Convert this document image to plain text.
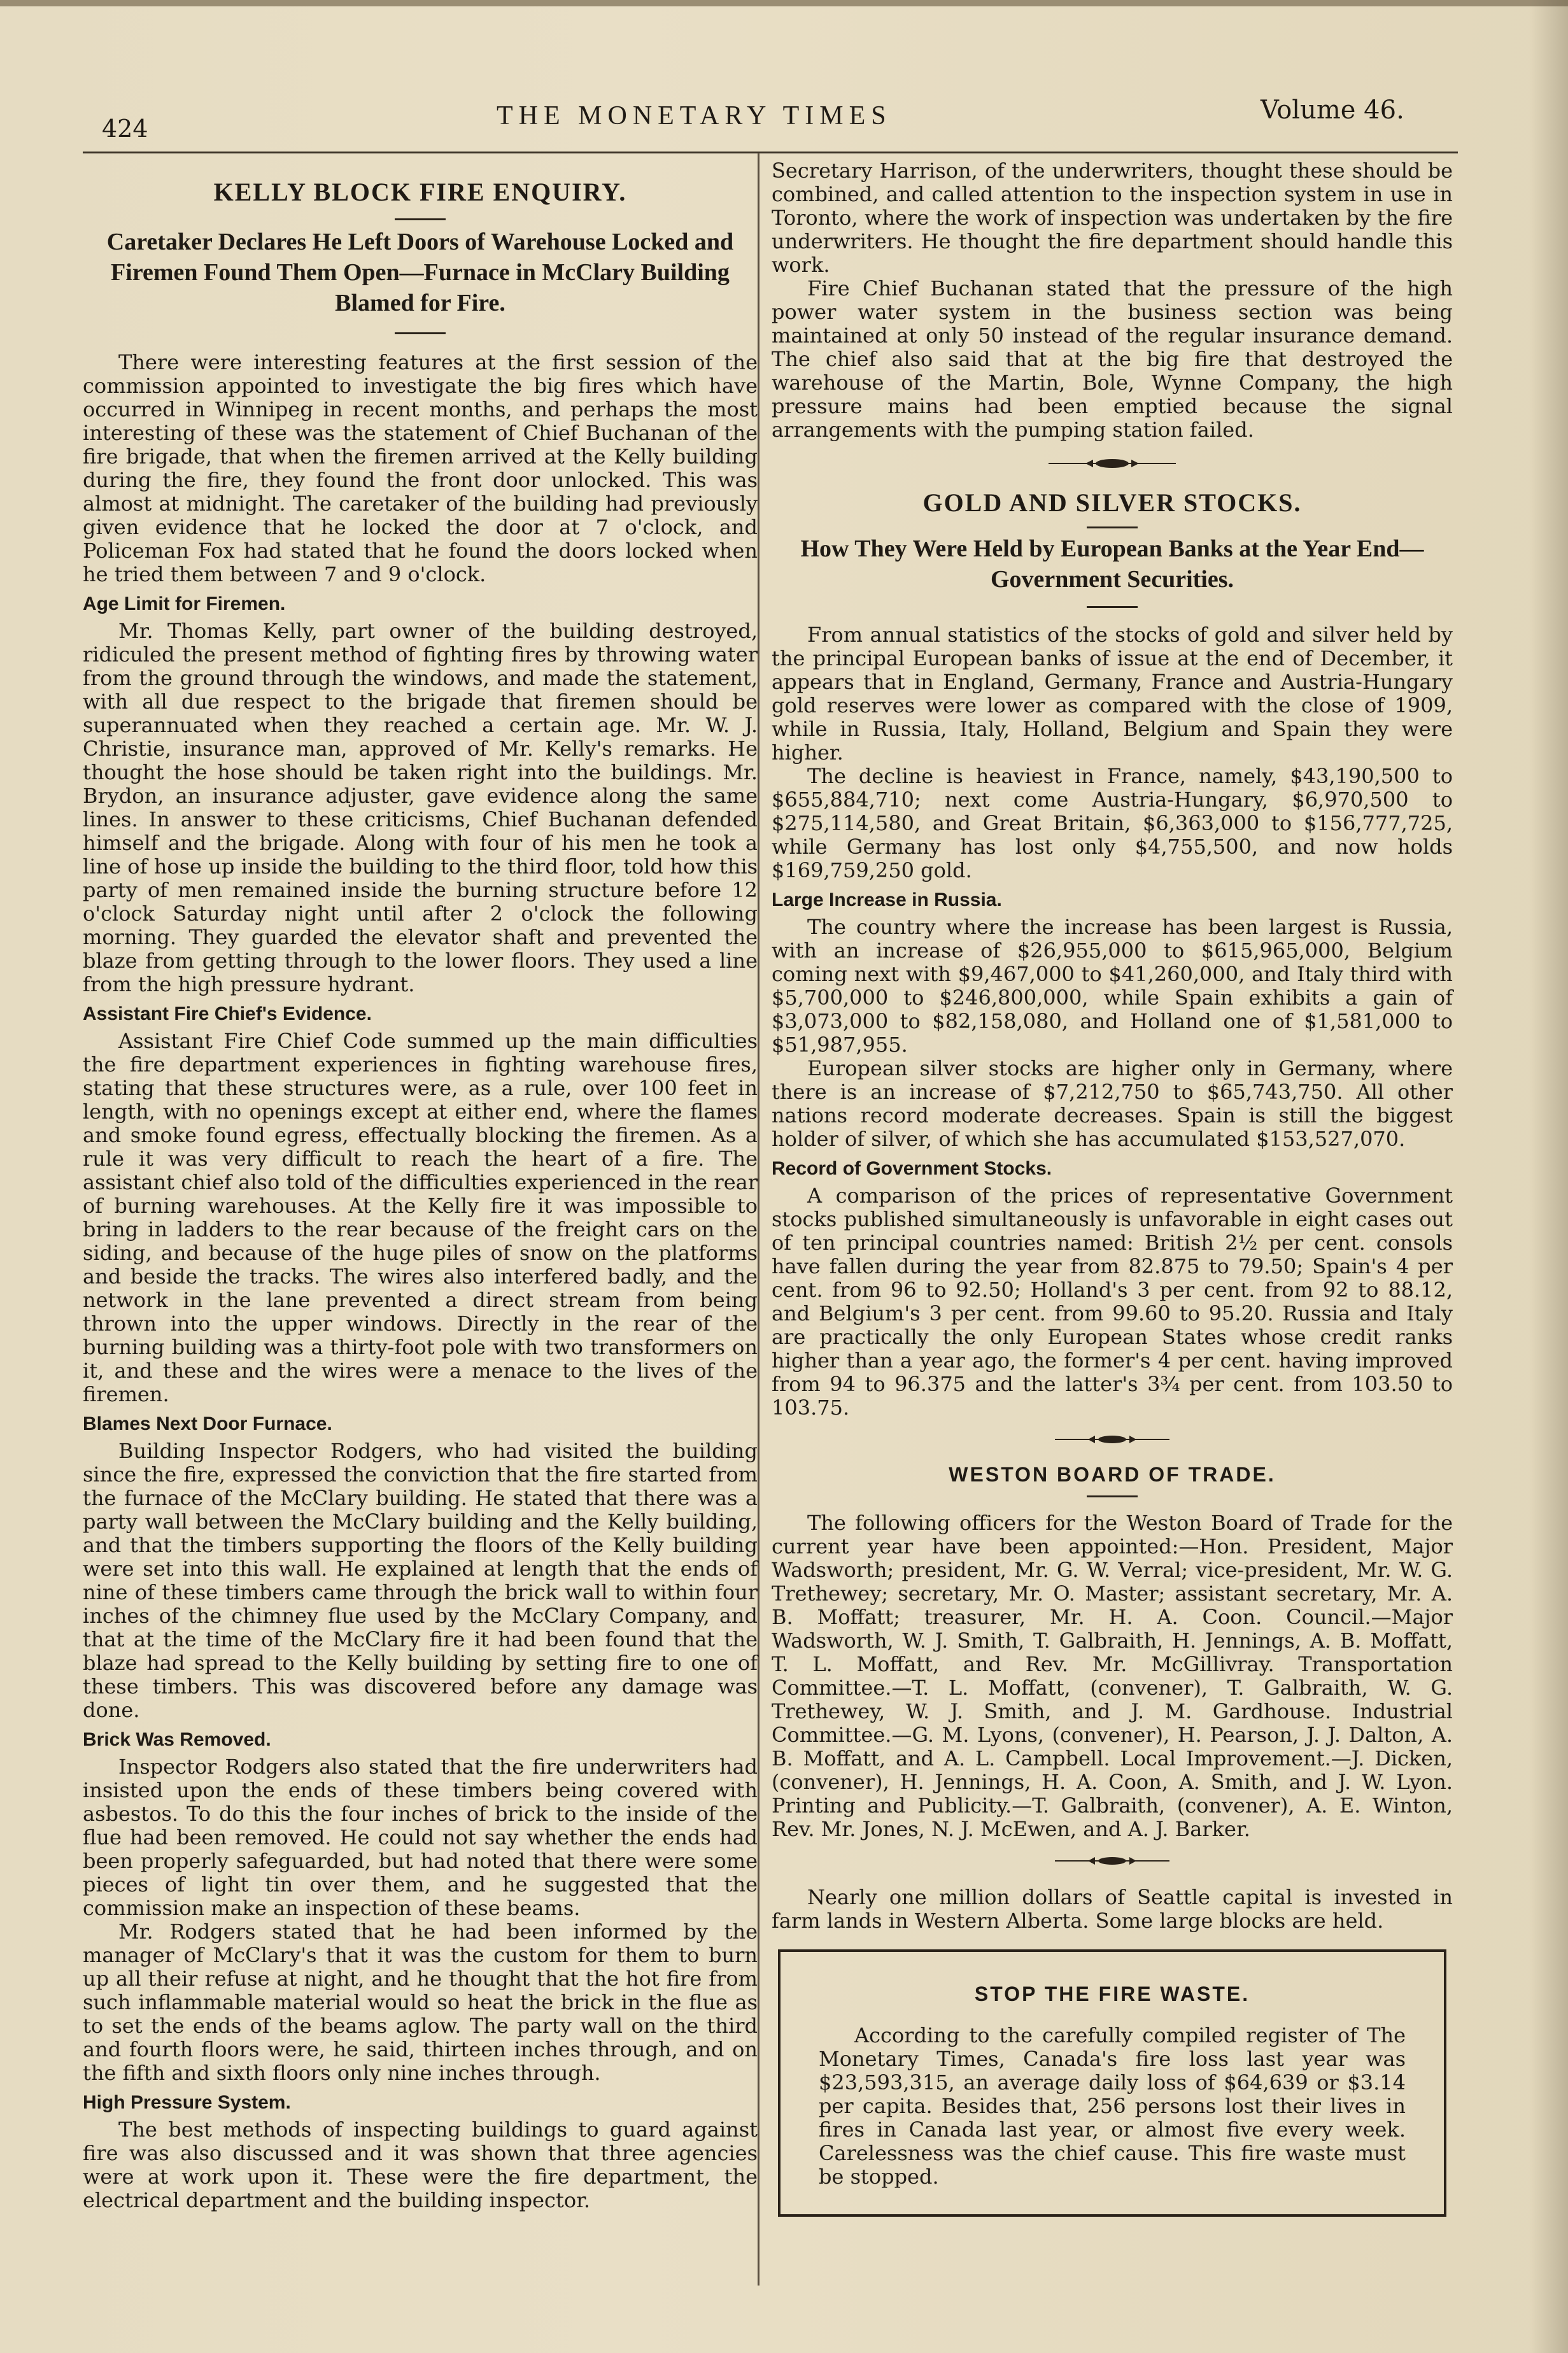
424	THE MONETARY TIMES	Volume 46.
KELLY BLOCK FIRE ENQUIRY.
Caretaker Declares He Left Doors of Warehouse Locked and Firemen Found Them Open—Furnace in McClary Building Blamed for Fire.

There were interesting features at the first session of the commission appointed to investigate the big fires which have occurred in Winnipeg in recent months, and perhaps the most interesting of these was the statement of Chief Buchanan of the fire brigade, that when the firemen arrived at the Kelly building during the fire, they found the front door unlocked. This was almost at midnight. The caretaker of the building had previously given evidence that he locked the door at 7 o'clock, and Policeman Fox had stated that he found the doors locked when he tried them between 7 and 9 o'clock.

Age Limit for Firemen.

Mr. Thomas Kelly, part owner of the building destroyed, ridiculed the present method of fighting fires by throwing water from the ground through the windows, and made the statement, with all due respect to the brigade that firemen should be superannuated when they reached a certain age. Mr. W. J. Christie, insurance man, approved of Mr. Kelly's remarks. He thought the hose should be taken right into the buildings. Mr. Brydon, an insurance adjuster, gave evidence along the same lines. In answer to these criticisms, Chief Buchanan defended himself and the brigade. Along with four of his men he took a line of hose up inside the building to the third floor, told how this party of men remained inside the burning structure before 12 o'clock Saturday night until after 2 o'clock the following morning. They guarded the elevator shaft and prevented the blaze from getting through to the lower floors. They used a line from the high pressure hydrant.

Assistant Fire Chief's Evidence.

Assistant Fire Chief Code summed up the main difficulties the fire department experiences in fighting warehouse fires, stating that these structures were, as a rule, over 100 feet in length, with no openings except at either end, where the flames and smoke found egress, effectually blocking the firemen. As a rule it was very difficult to reach the heart of a fire. The assistant chief also told of the difficulties experienced in the rear of burning warehouses. At the Kelly fire it was impossible to bring in ladders to the rear because of the freight cars on the siding, and because of the huge piles of snow on the platforms and beside the tracks. The wires also interfered badly, and the network in the lane prevented a direct stream from being thrown into the upper windows. Directly in the rear of the burning building was a thirty-foot pole with two transformers on it, and these and the wires were a menace to the lives of the firemen.

Blames Next Door Furnace.

Building Inspector Rodgers, who had visited the building since the fire, expressed the conviction that the fire started from the furnace of the McClary building. He stated that there was a party wall between the McClary building and the Kelly building, and that the timbers supporting the floors of the Kelly building were set into this wall. He explained at length that the ends of nine of these timbers came through the brick wall to within four inches of the chimney flue used by the McClary Company, and that at the time of the McClary fire it had been found that the blaze had spread to the Kelly building by setting fire to one of these timbers. This was discovered before any damage was done.

Brick Was Removed.

Inspector Rodgers also stated that the fire underwriters had insisted upon the ends of these timbers being covered with asbestos. To do this the four inches of brick to the inside of the flue had been removed. He could not say whether the ends had been properly safeguarded, but had noted that there were some pieces of light tin over them, and he suggested that the commission make an inspection of these beams.

Mr. Rodgers stated that he had been informed by the manager of McClary's that it was the custom for them to burn up all their refuse at night, and he thought that the hot fire from such inflammable material would so heat the brick in the flue as to set the ends of the beams aglow. The party wall on the third and fourth floors were, he said, thirteen inches through, and on the fifth and sixth floors only nine inches through.

High Pressure System.

The best methods of inspecting buildings to guard against fire was also discussed and it was shown that three agencies were at work upon it. These were the fire department, the electrical department and the building inspector.

Secretary Harrison, of the underwriters, thought these should be combined, and called attention to the inspection system in use in Toronto, where the work of inspection was undertaken by the fire underwriters. He thought the fire department should handle this work.

Fire Chief Buchanan stated that the pressure of the high power water system in the business section was being maintained at only 50 instead of the regular insurance demand. The chief also said that at the big fire that destroyed the warehouse of the Martin, Bole, Wynne Company, the high pressure mains had been emptied because the signal arrangements with the pumping station failed.

GOLD AND SILVER STOCKS.
How They Were Held by European Banks at the Year End—Government Securities.

From annual statistics of the stocks of gold and silver held by the principal European banks of issue at the end of December, it appears that in England, Germany, France and Austria-Hungary gold reserves were lower as compared with the close of 1909, while in Russia, Italy, Holland, Belgium and Spain they were higher.

The decline is heaviest in France, namely, $43,190,500 to $655,884,710; next come Austria-Hungary, $6,970,500 to $275,114,580, and Great Britain, $6,363,000 to $156,777,725, while Germany has lost only $4,755,500, and now holds $169,759,250 gold.

Large Increase in Russia.

The country where the increase has been largest is Russia, with an increase of $26,955,000 to $615,965,000, Belgium coming next with $9,467,000 to $41,260,000, and Italy third with $5,700,000 to $246,800,000, while Spain exhibits a gain of $3,073,000 to $82,158,080, and Holland one of $1,581,000 to $51,987,955.

European silver stocks are higher only in Germany, where there is an increase of $7,212,750 to $65,743,750. All other nations record moderate decreases. Spain is still the biggest holder of silver, of which she has accumulated $153,527,070.

Record of Government Stocks.

A comparison of the prices of representative Government stocks published simultaneously is unfavorable in eight cases out of ten principal countries named: British 2½ per cent. consols have fallen during the year from 82.875 to 79.50; Spain's 4 per cent. from 96 to 92.50; Holland's 3 per cent. from 92 to 88.12, and Belgium's 3 per cent. from 99.60 to 95.20. Russia and Italy are practically the only European States whose credit ranks higher than a year ago, the former's 4 per cent. having improved from 94 to 96.375 and the latter's 3¾ per cent. from 103.50 to 103.75.

WESTON BOARD OF TRADE.

The following officers for the Weston Board of Trade for the current year have been appointed:—Hon. President, Major Wadsworth; president, Mr. G. W. Verral; vice-president, Mr. W. G. Trethewey; secretary, Mr. O. Master; assistant secretary, Mr. A. B. Moffatt; treasurer, Mr. H. A. Coon. Council.—Major Wadsworth, W. J. Smith, T. Galbraith, H. Jennings, A. B. Moffatt, T. L. Moffatt, and Rev. Mr. McGillivray. Transportation Committee.—T. L. Moffatt, (convener), T. Galbraith, W. G. Trethewey, W. J. Smith, and J. M. Gardhouse. Industrial Committee.—G. M. Lyons, (convener), H. Pearson, J. J. Dalton, A. B. Moffatt, and A. L. Campbell. Local Improvement.—J. Dicken, (convener), H. Jennings, H. A. Coon, A. Smith, and J. W. Lyon. Printing and Publicity.—T. Galbraith, (convener), A. E. Winton, Rev. Mr. Jones, N. J. McEwen, and A. J. Barker.

Nearly one million dollars of Seattle capital is invested in farm lands in Western Alberta. Some large blocks are held.

STOP THE FIRE WASTE.

According to the carefully compiled register of The Monetary Times, Canada's fire loss last year was $23,593,315, an average daily loss of $64,639 or $3.14 per capita. Besides that, 256 persons lost their lives in fires in Canada last year, or almost five every week. Carelessness was the chief cause. This fire waste must be stopped.
